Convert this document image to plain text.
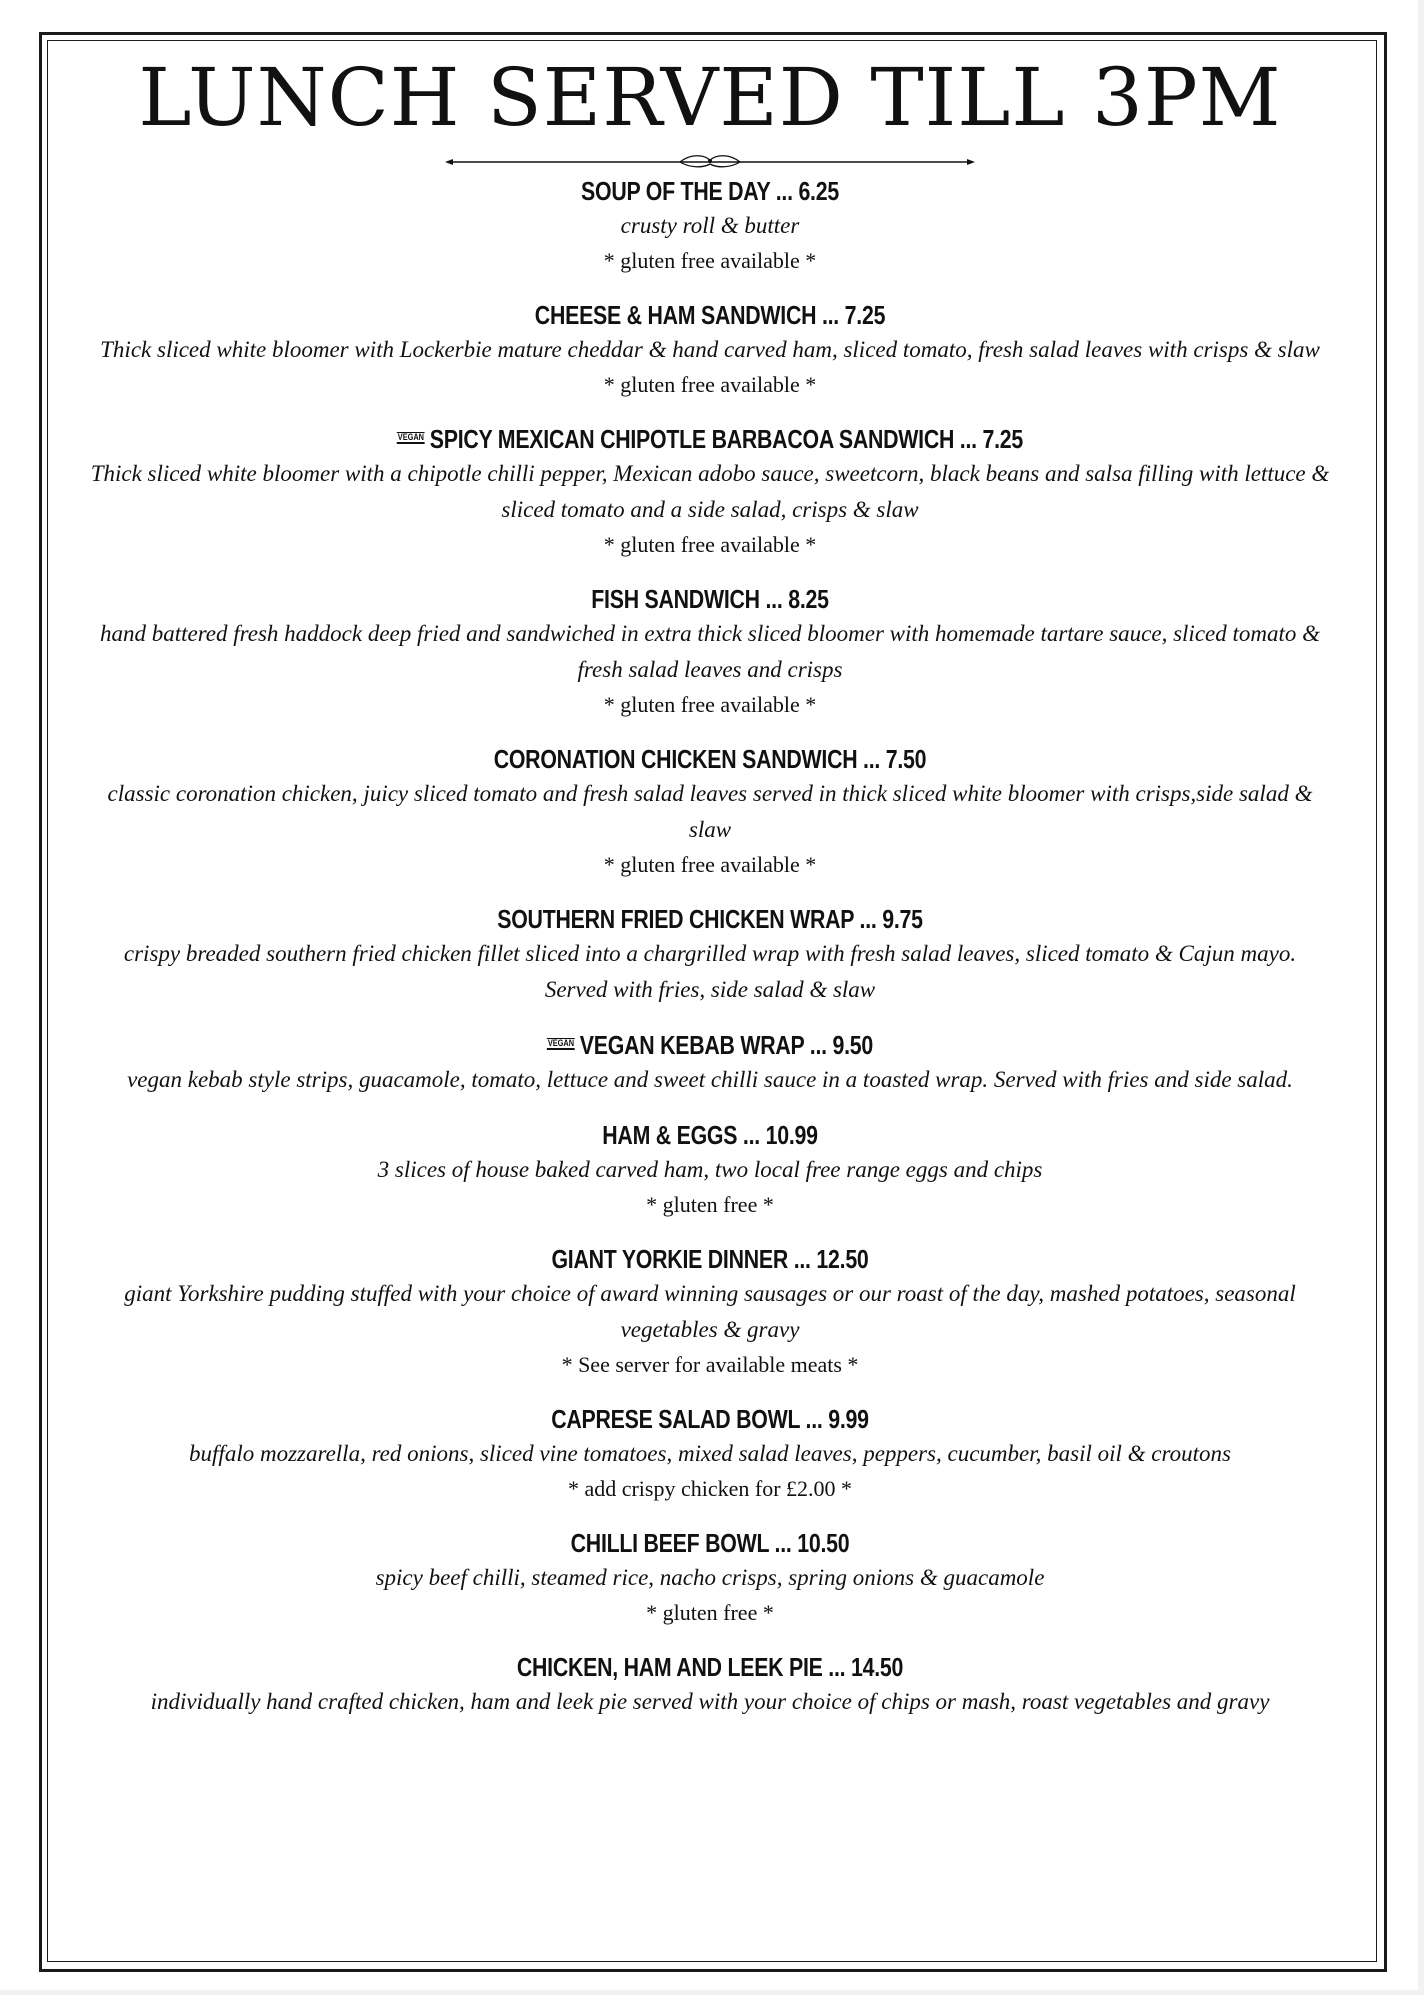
LUNCH SERVED TILL 3PM
SOUP OF THE DAY ... 6.25
crusty roll & butter
* gluten free available *
CHEESE & HAM SANDWICH ... 7.25
Thick sliced white bloomer with Lockerbie mature cheddar & hand carved ham, sliced tomato, fresh salad leaves with crisps & slaw
* gluten free available *
VEGAN SPICY MEXICAN CHIPOTLE BARBACOA SANDWICH ... 7.25
Thick sliced white bloomer with a chipotle chilli pepper, Mexican adobo sauce, sweetcorn, black beans and salsa filling with lettuce & sliced tomato and a side salad, crisps & slaw
* gluten free available *
FISH SANDWICH ... 8.25
hand battered fresh haddock deep fried and sandwiched in extra thick sliced bloomer with homemade tartare sauce, sliced tomato & fresh salad leaves and crisps
* gluten free available *
CORONATION CHICKEN SANDWICH ... 7.50
classic coronation chicken, juicy sliced tomato and fresh salad leaves served in thick sliced white bloomer with crisps,side salad & slaw
* gluten free available *
SOUTHERN FRIED CHICKEN WRAP ... 9.75
crispy breaded southern fried chicken fillet sliced into a chargrilled wrap with fresh salad leaves, sliced tomato & Cajun mayo. Served with fries, side salad & slaw
VEGAN VEGAN KEBAB WRAP ... 9.50
vegan kebab style strips, guacamole, tomato, lettuce and sweet chilli sauce in a toasted wrap. Served with fries and side salad.
HAM & EGGS ... 10.99
3 slices of house baked carved ham, two local free range eggs and chips
* gluten free *
GIANT YORKIE DINNER ... 12.50
giant Yorkshire pudding stuffed with your choice of award winning sausages or our roast of the day, mashed potatoes, seasonal vegetables & gravy
* See server for available meats *
CAPRESE SALAD BOWL ... 9.99
buffalo mozzarella, red onions, sliced vine tomatoes, mixed salad leaves, peppers, cucumber, basil oil & croutons
* add crispy chicken for £2.00 *
CHILLI BEEF BOWL ... 10.50
spicy beef chilli, steamed rice, nacho crisps, spring onions & guacamole
* gluten free *
CHICKEN, HAM AND LEEK PIE ... 14.50
individually hand crafted chicken, ham and leek pie served with your choice of chips or mash, roast vegetables and gravy
